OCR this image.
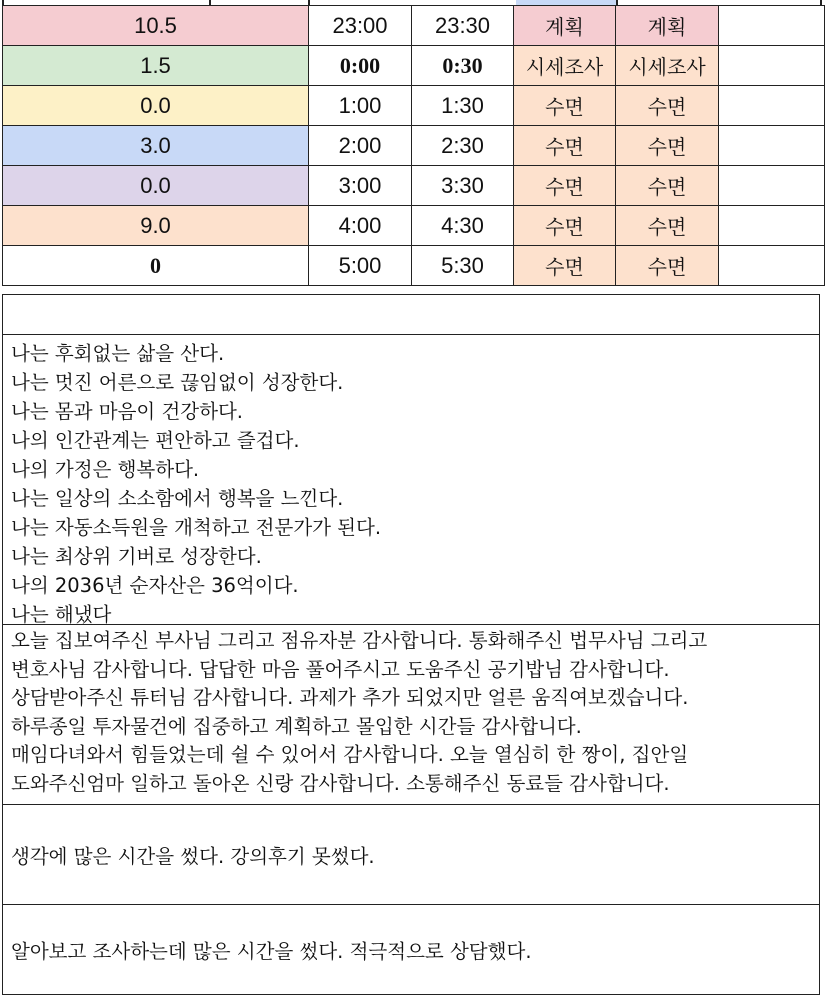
10.5	23:00	23:30	계획	계획	
1.5	0:00	0:30	시세조사	시세조사	
0.0	1:00	1:30	수면	수면	
3.0	2:00	2:30	수면	수면	
0.0	3:00	3:30	수면	수면	
9.0	4:00	4:30	수면	수면	
0	5:00	5:30	수면	수면	
나는 후회없는 삶을 산다.
나는 멋진 어른으로 끊임없이 성장한다.
나는 몸과 마음이 건강하다.
나의 인간관계는 편안하고 즐겁다.
나의 가정은 행복하다.
나는 일상의 소소함에서 행복을 느낀다.
나는 자동소득원을 개척하고 전문가가 된다.
나는 최상위 기버로 성장한다.
나의 2036년 순자산은 36억이다.
나는 해냈다
오늘 집보여주신 부사님 그리고 점유자분 감사합니다. 통화해주신 법무사님 그리고
변호사님 감사합니다. 답답한 마음 풀어주시고 도움주신 공기밥님 감사합니다.
상담받아주신 튜터님 감사합니다. 과제가 추가 되었지만 얼른 움직여보겠습니다.
하루종일 투자물건에 집중하고 계획하고 몰입한 시간들 감사합니다.
매임다녀와서 힘들었는데 쉴 수 있어서 감사합니다. 오늘 열심히 한 짱이, 집안일
도와주신엄마 일하고 돌아온 신랑 감사합니다. 소통해주신 동료들 감사합니다.
생각에 많은 시간을 썼다. 강의후기 못썼다.
알아보고 조사하는데 많은 시간을 썼다. 적극적으로 상담했다.
